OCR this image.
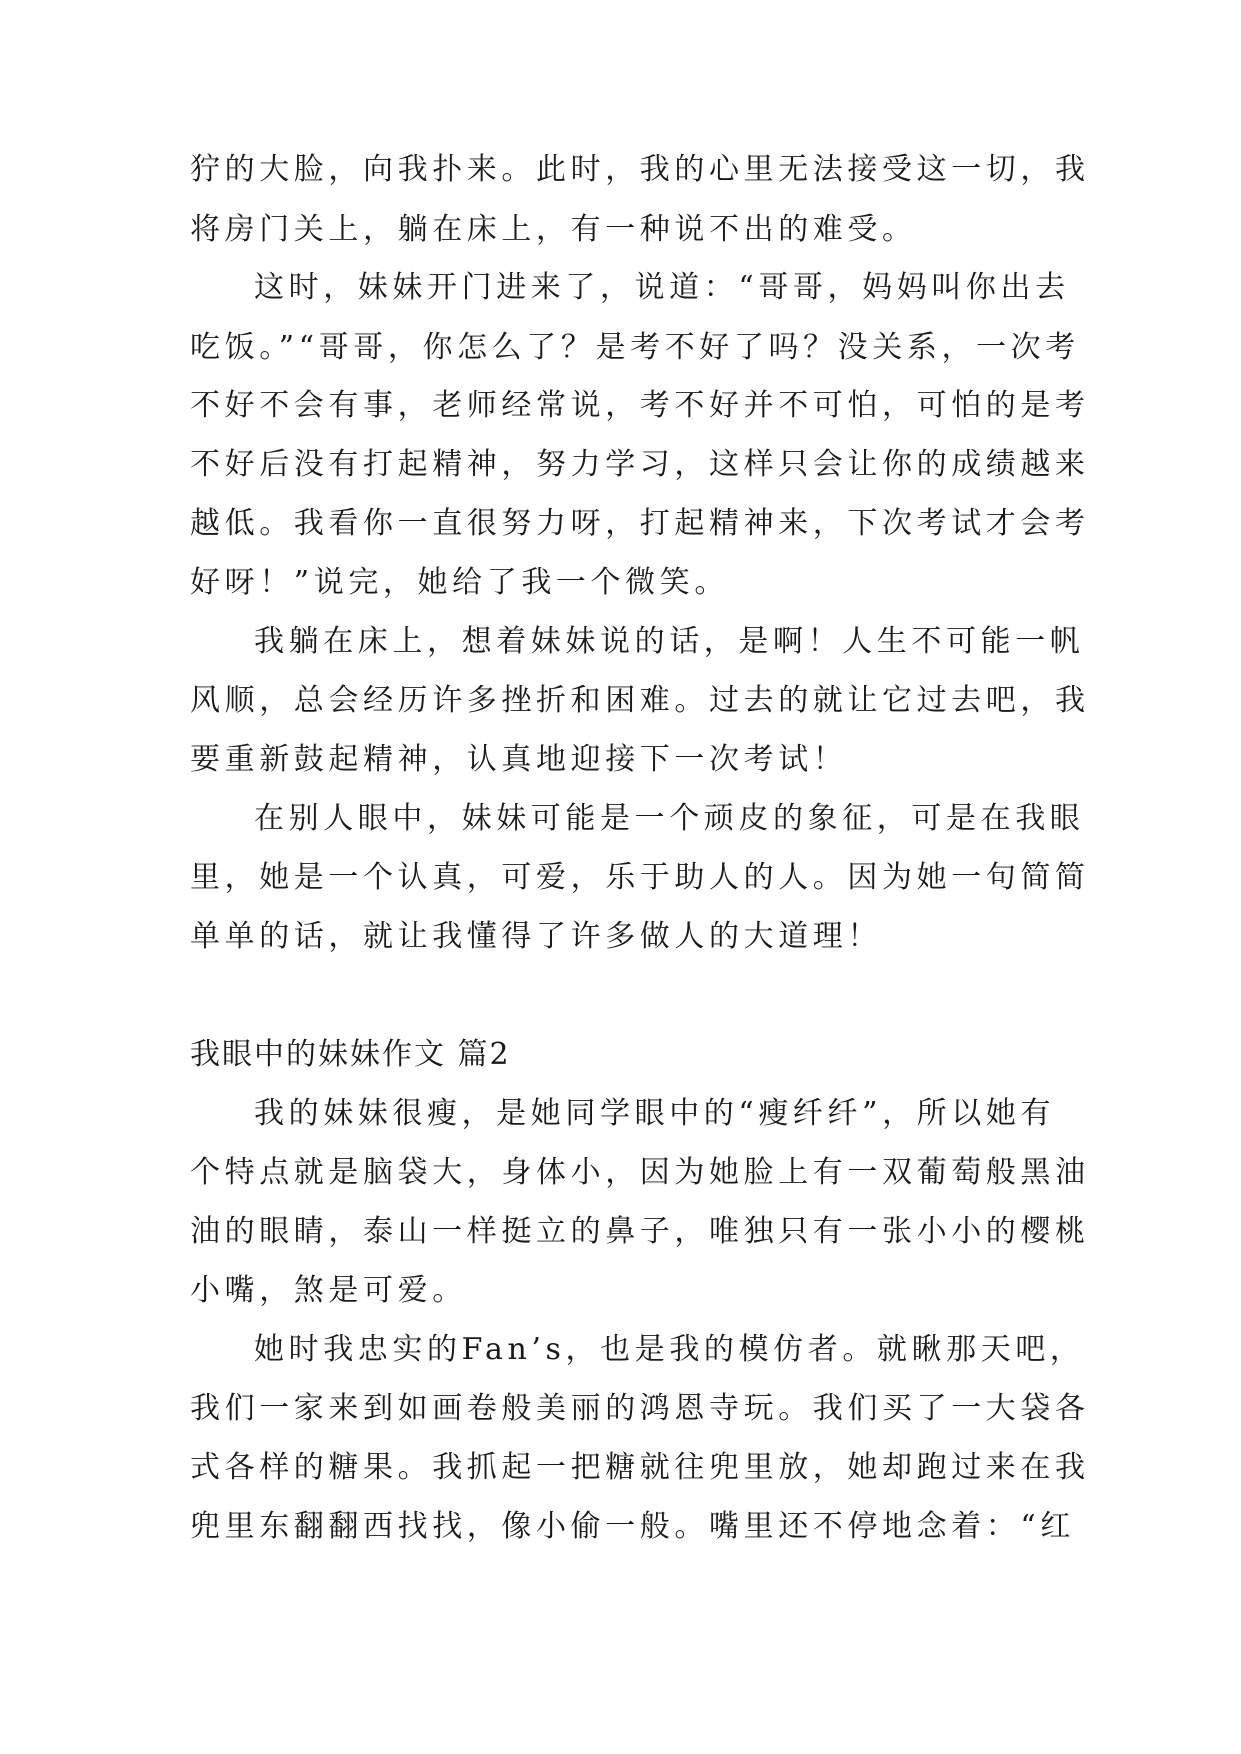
狞的大脸，向我扑来。此时，我的心里无法接受这一切，我
将房门关上，躺在床上，有一种说不出的难受。
这时，妹妹开门进来了，说道：“哥哥，妈妈叫你出去
吃饭。”“哥哥，你怎么了？是考不好了吗？没关系，一次考
不好不会有事，老师经常说，考不好并不可怕，可怕的是考
不好后没有打起精神，努力学习，这样只会让你的成绩越来
越低。我看你一直很努力呀，打起精神来，下次考试才会考
好呀！”说完，她给了我一个微笑。
我躺在床上，想着妹妹说的话，是啊！人生不可能一帆
风顺，总会经历许多挫折和困难。过去的就让它过去吧，我
要重新鼓起精神，认真地迎接下一次考试！
在别人眼中，妹妹可能是一个顽皮的象征，可是在我眼
里，她是一个认真，可爱，乐于助人的人。因为她一句简简
单单的话，就让我懂得了许多做人的大道理！
我眼中的妹妹作文 篇2
我的妹妹很瘦，是她同学眼中的“瘦纤纤”，所以她有
个特点就是脑袋大，身体小，因为她脸上有一双葡萄般黑油
油的眼睛，泰山一样挺立的鼻子，唯独只有一张小小的樱桃
小嘴，煞是可爱。
她时我忠实的Fan’s，也是我的模仿者。就瞅那天吧，
我们一家来到如画卷般美丽的鸿恩寺玩。我们买了一大袋各
式各样的糖果。我抓起一把糖就往兜里放，她却跑过来在我
兜里东翻翻西找找，像小偷一般。嘴里还不停地念着：“红
